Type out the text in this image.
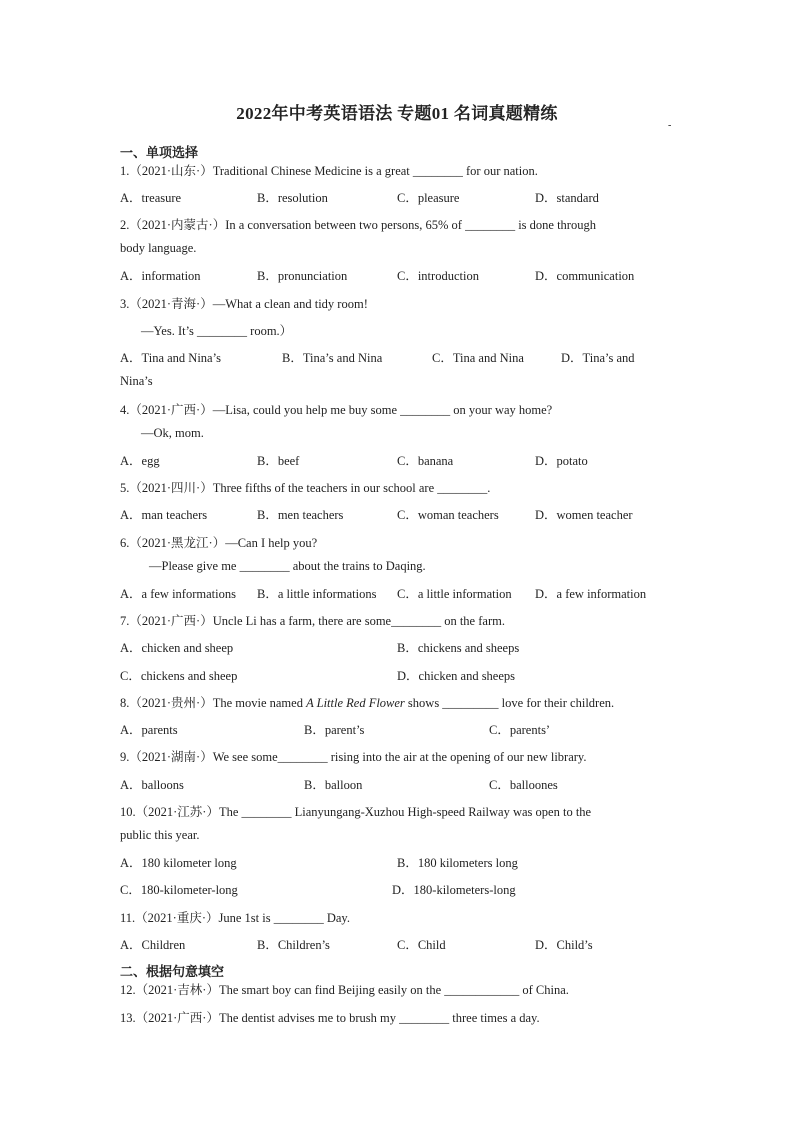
2022年中考英语语法 专题01 名词真题精练
-
一、单项选择
1.（2021·山东·）Traditional Chinese Medicine is a great ________ for our nation.
A．treasure	B．resolution	C．pleasure	D．standard
2.（2021·内蒙古·）In a conversation between two persons, 65% of ________ is done through
body language.
A．information	B．pronunciation	C．introduction	D．communication
3.（2021·青海·）—What a clean and tidy room!
—Yes. It’s ________ room.）
A．Tina and Nina’s	B．Tina’s and Nina	C．Tina and Nina	D．Tina’s and
Nina’s
4.（2021·广西·）—Lisa, could you help me buy some ________ on your way home?
—Ok, mom.
A．egg	B．beef	C．banana	D．potato
5.（2021·四川·）Three fifths of the teachers in our school are ________.
A．man teachers	B．men teachers	C．woman teachers	D．women teacher
6.（2021·黑龙江·）—Can I help you?
—Please give me ________ about the trains to Daqing.
A．a few informations B．a little informations C．a little information D．a few information
7.（2021·广西·）Uncle Li has a farm, there are some________ on the farm.
A．chicken and sheep	B．chickens and sheeps
C．chickens and sheep	D．chicken and sheeps
8.（2021·贵州·）The movie named A Little Red Flower shows _________ love for their children.
A．parents	B．parent’s	C．parents’
9.（2021·湖南·）We see some________ rising into the air at the opening of our new library.
A．balloons	B．balloon	C．balloones
10.（2021·江苏·）The ________ Lianyungang-Xuzhou High-speed Railway was open to the
public this year.
A．180 kilometer long	B．180 kilometers long
C．180-kilometer-long	D．180-kilometers-long
11.（2021·重庆·）June 1st is ________ Day.
A．Children	B．Children’s	C．Child	D．Child’s
二、根据句意填空
12.（2021·吉林·）The smart boy can find Beijing easily on the ____________ of China.
13.（2021·广西·）The dentist advises me to brush my ________ three times a day.
